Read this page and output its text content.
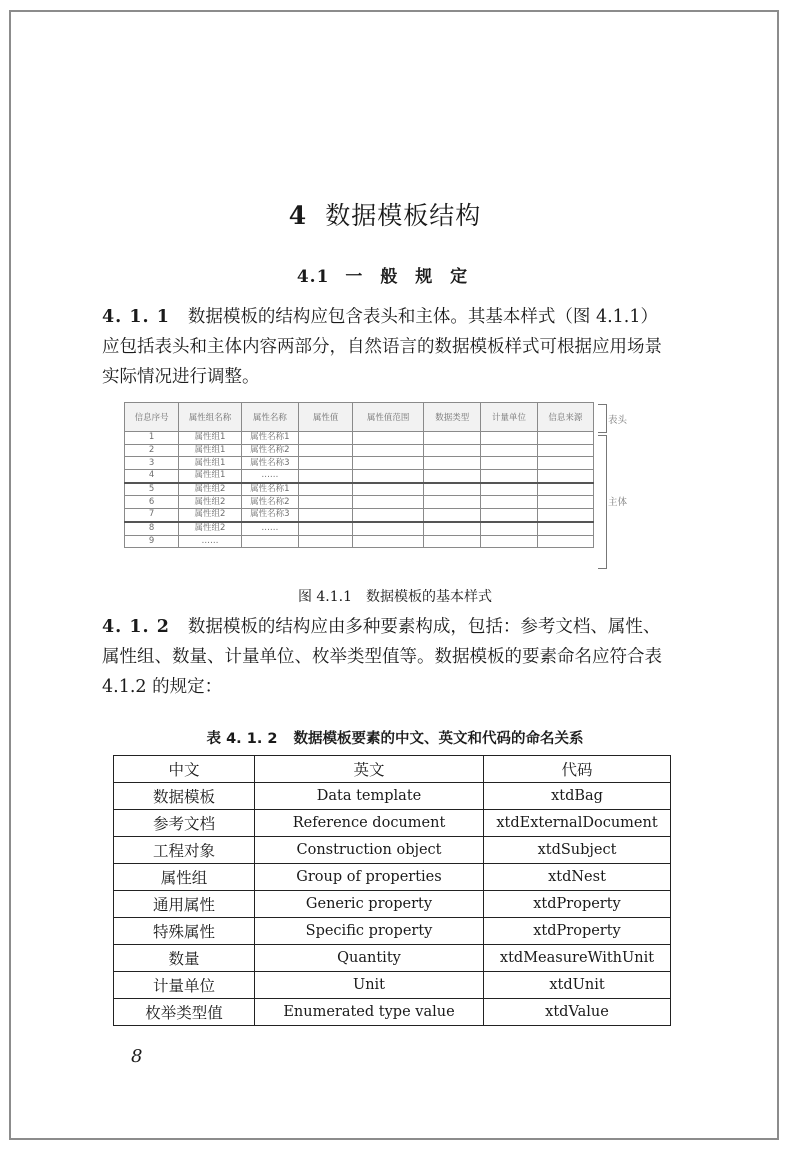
4 数据模板结构
4.1 一 般 规 定
4. 1. 1 数据模板的结构应包含表头和主体。其基本样式（图 4.1.1）应包括表头和主体内容两部分，自然语言的数据模板样式可根据应用场景实际情况进行调整。
信息序号	属性组名称	属性名称	属性值	属性值范围	数据类型	计量单位	信息来源
1	属性组1	属性名称1					
2	属性组1	属性名称2					
3	属性组1	属性名称3					
4	属性组1	……					
5	属性组2	属性名称1					
6	属性组2	属性名称2					
7	属性组2	属性名称3					
8	属性组2	……					
9	……						
表头
主体
图 4.1.1 数据模板的基本样式
4. 1. 2 数据模板的结构应由多种要素构成，包括：参考文档、属性、属性组、数量、计量单位、枚举类型值等。数据模板的要素命名应符合表 4.1.2 的规定：
表 4. 1. 2 数据模板要素的中文、英文和代码的命名关系
中文	英文	代码
数据模板	Data template	xtdBag
参考文档	Reference document	xtdExternalDocument
工程对象	Construction object	xtdSubject
属性组	Group of properties	xtdNest
通用属性	Generic property	xtdProperty
特殊属性	Specific property	xtdProperty
数量	Quantity	xtdMeasureWithUnit
计量单位	Unit	xtdUnit
枚举类型值	Enumerated type value	xtdValue
8
